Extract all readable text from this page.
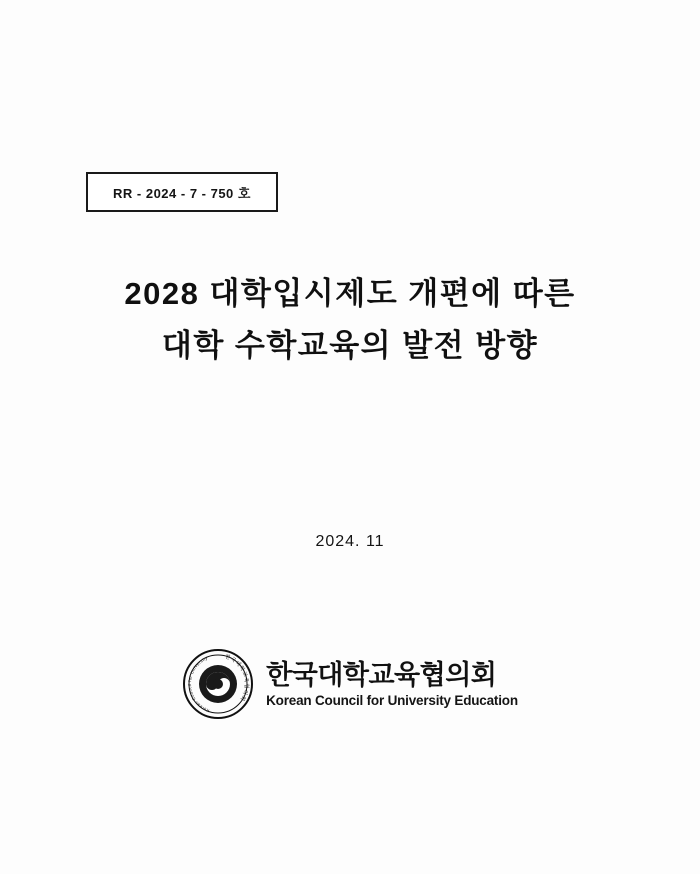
RR - 2024 - 7 - 750 호
2028 대학입시제도 개편에 따른
대학 수학교육의 발전 방향
2024. 11
한국대학교육협의회
Korean Council for University
한국대학교육협의회
Korean Council for University Education
